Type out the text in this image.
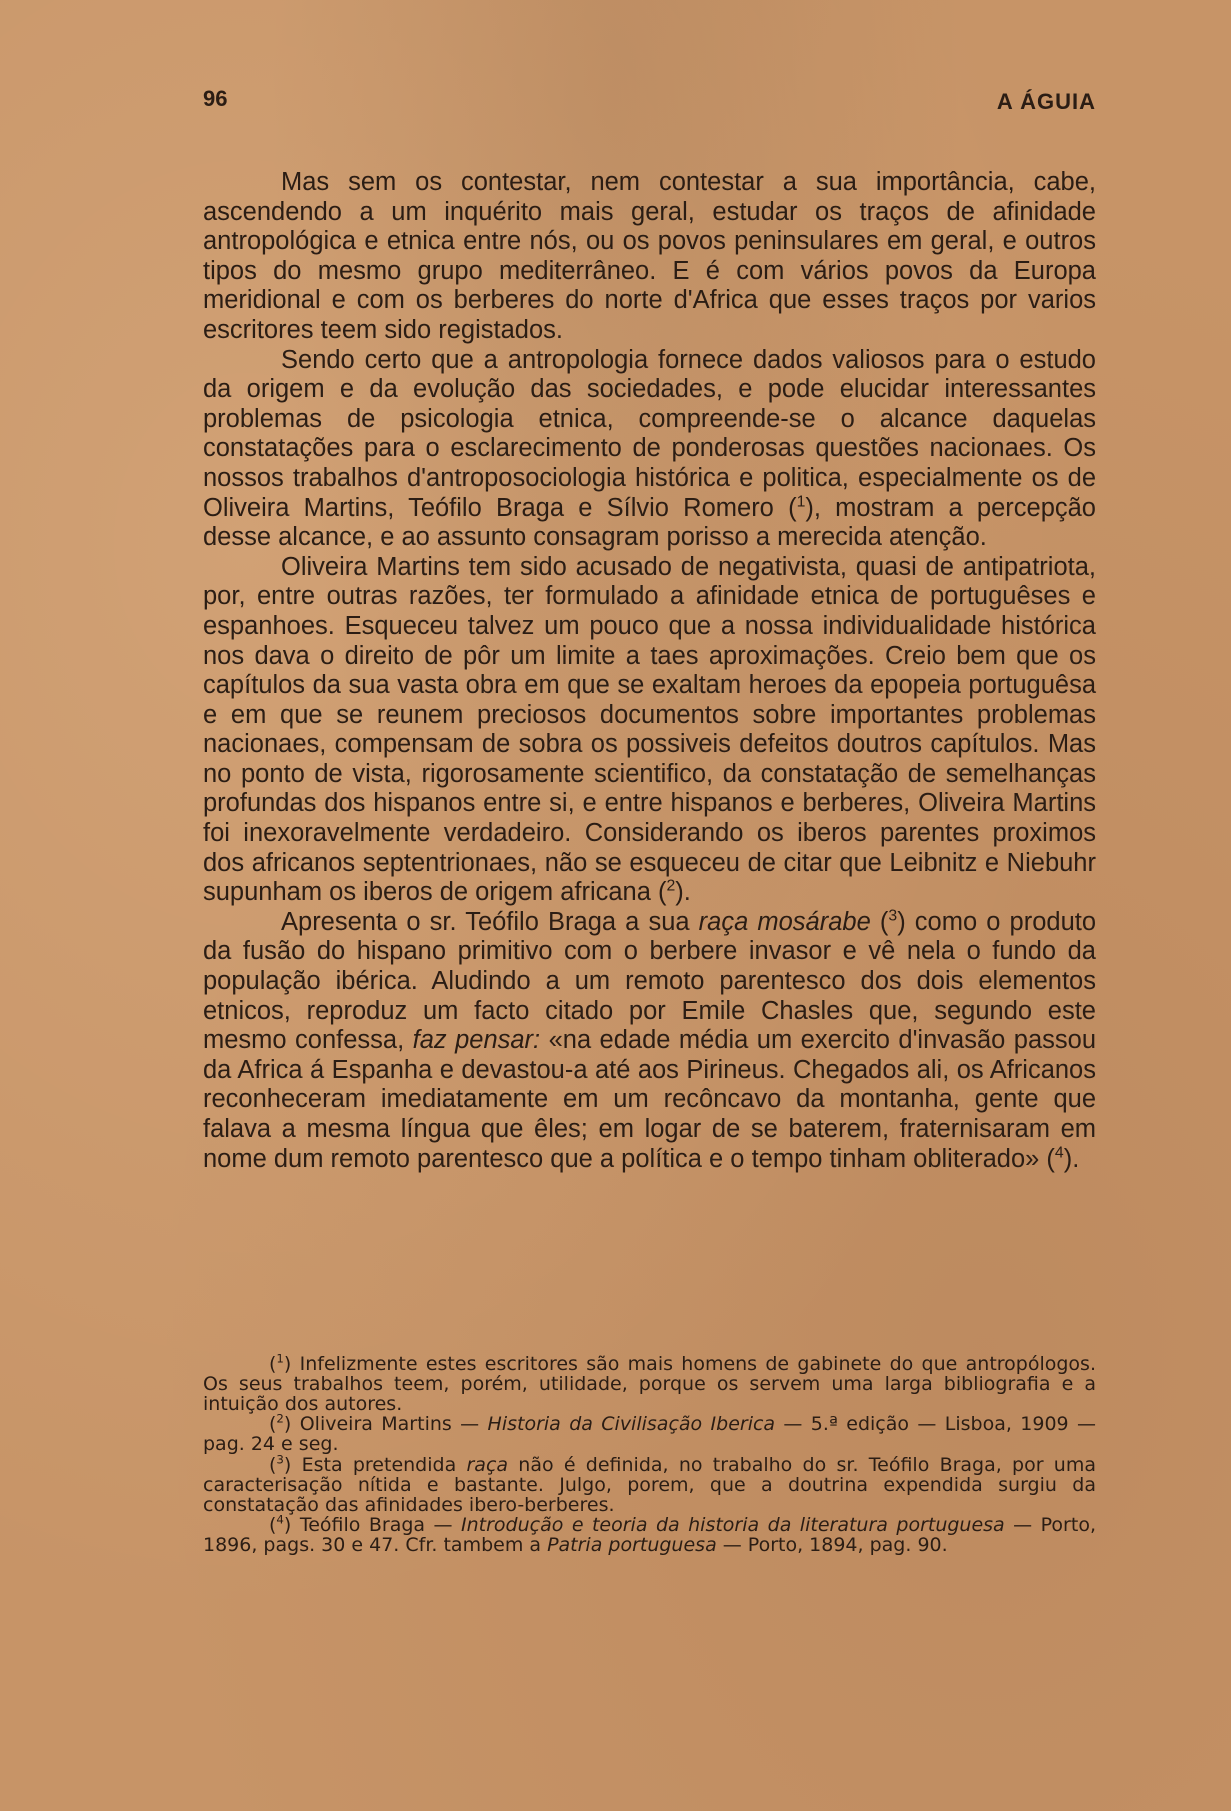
96	A ÁGUIA

Mas sem os contestar, nem contestar a sua importância, cabe, ascendendo a um inquérito mais geral, estudar os traços de afinidade antropológica e etnica entre nós, ou os povos peninsulares em geral, e outros tipos do mesmo grupo mediterrâneo. E é com vários povos da Europa meridional e com os berberes do norte d'Africa que esses traços por varios escritores teem sido registados.

Sendo certo que a antropologia fornece dados valiosos para o estudo da origem e da evolução das sociedades, e pode elucidar interessantes problemas de psicologia etnica, compreende-se o alcance daquelas constatações para o esclarecimento de ponderosas questões nacionaes. Os nossos trabalhos d'antroposociologia histórica e politica, especialmente os de Oliveira Martins, Teófilo Braga e Sílvio Romero ($^1$), mostram a percepção desse alcance, e ao assunto consagram porisso a merecida atenção.

Oliveira Martins tem sido acusado de negativista, quasi de antipatriota, por, entre outras razões, ter formulado a afinidade etnica de portuguêses e espanhoes. Esqueceu talvez um pouco que a nossa individualidade histórica nos dava o direito de pôr um limite a taes aproximações. Creio bem que os capítulos da sua vasta obra em que se exaltam heroes da epopeia portuguêsa e em que se reunem preciosos documentos sobre importantes problemas nacionaes, compensam de sobra os possiveis defeitos doutros capítulos. Mas no ponto de vista, rigorosamente scientifico, da constatação de semelhanças profundas dos hispanos entre si, e entre hispanos e berberes, Oliveira Martins foi inexoravelmente verdadeiro. Considerando os iberos parentes proximos dos africanos septentrionaes, não se esqueceu de citar que Leibnitz e Niebuhr supunham os iberos de origem africana ($^2$).

Apresenta o sr. Teófilo Braga a sua raça mosárabe ($^3$) como o produto da fusão do hispano primitivo com o berbere invasor e vê nela o fundo da população ibérica. Aludindo a um remoto parentesco dos dois elementos etnicos, reproduz um facto citado por Emile Chasles que, segundo este mesmo confessa, faz pensar: «na edade média um exercito d'invasão passou da Africa á Espanha e devastou-a até aos Pirineus. Chegados ali, os Africanos reconheceram imediatamente em um recôncavo da montanha, gente que falava a mesma língua que êles; em logar de se baterem, fraternisaram em nome dum remoto parentesco que a política e o tempo tinham obliterado» ($^4$).

($^1$) Infelizmente estes escritores são mais homens de gabinete do que antropólogos. Os seus trabalhos teem, porém, utilidade, porque os servem uma larga bibliografia e a intuição dos autores.

($^2$) Oliveira Martins — Historia da Civilisação Iberica — 5.ª edição — Lisboa, 1909 — pag. 24 e seg.

($^3$) Esta pretendida raça não é definida, no trabalho do sr. Teófilo Braga, por uma caracterisação nítida e bastante. Julgo, porem, que a doutrina expendida surgiu da constatação das afinidades ibero-berberes.

($^4$) Teófilo Braga — Introdução e teoria da historia da literatura portuguesa — Porto, 1896, pags. 30 e 47. Cfr. tambem a Patria portuguesa — Porto, 1894, pag. 90.
